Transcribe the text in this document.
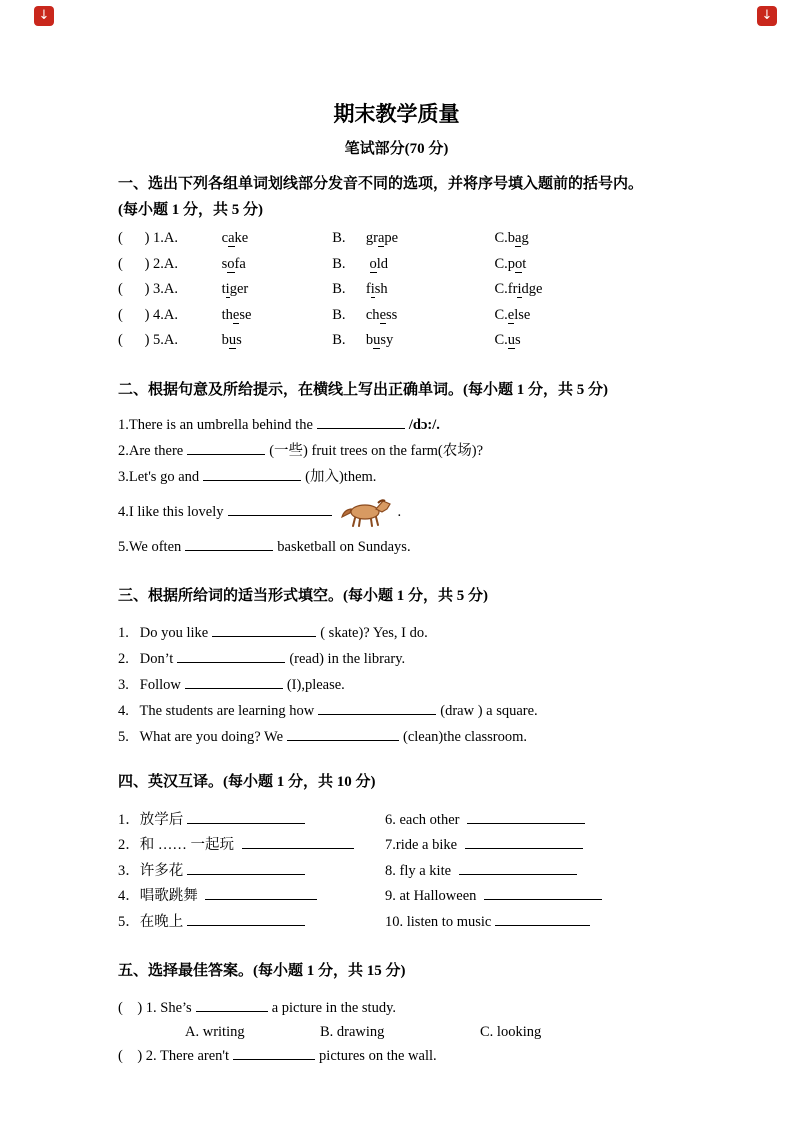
↓	↓
期末教学质量
笔试部分(70 分)
一、选出下列各组单词划线部分发音不同的选项，并将序号填入题前的括号内。
(每小题 1 分，共 5 分)
(      ) 1.A.     cake	B. grape	C.bag
(      ) 2.A.     sofa	B. old	C.pot
(      ) 3.A.     tiger	B. fish	C.fridge
(      ) 4.A.     these	B. chess	C.else
(      ) 5.A.     bus	B. busy	C.us
二、根据句意及所给提示，在横线上写出正确单词。(每小题 1 分，共 5 分)
1.There is an umbrella behind the	/dɔ:/.
2.Are there	(一些) fruit trees on the farm(农场)?
3.Let's go and	(加入)them.
4.I like this lovely	.
5.We often	basketball on Sundays.
三、根据所给词的适当形式填空。(每小题 1 分，共 5 分)
1.   Do you like	( skate)? Yes, I do.
2.   Don’t	(read) in the library.
3.   Follow	(I),please.
4.   The students are learning how	(draw ) a square.
5.   What are you doing? We	(clean)the classroom.
四、英汉互译。(每小题 1 分，共 10 分)
1．放学后	6. each other
2．和 …… 一起玩	7.ride a bike
3．许多花	8. fly a kite
4．唱歌跳舞	9. at Halloween
5．在晚上	10. listen to music
五、选择最佳答案。(每小题 1 分，共 15 分)
(    ) 1. She’s	a picture in the study.
A. writing	B. drawing	C. looking
(    ) 2. There aren't	pictures on the wall.
